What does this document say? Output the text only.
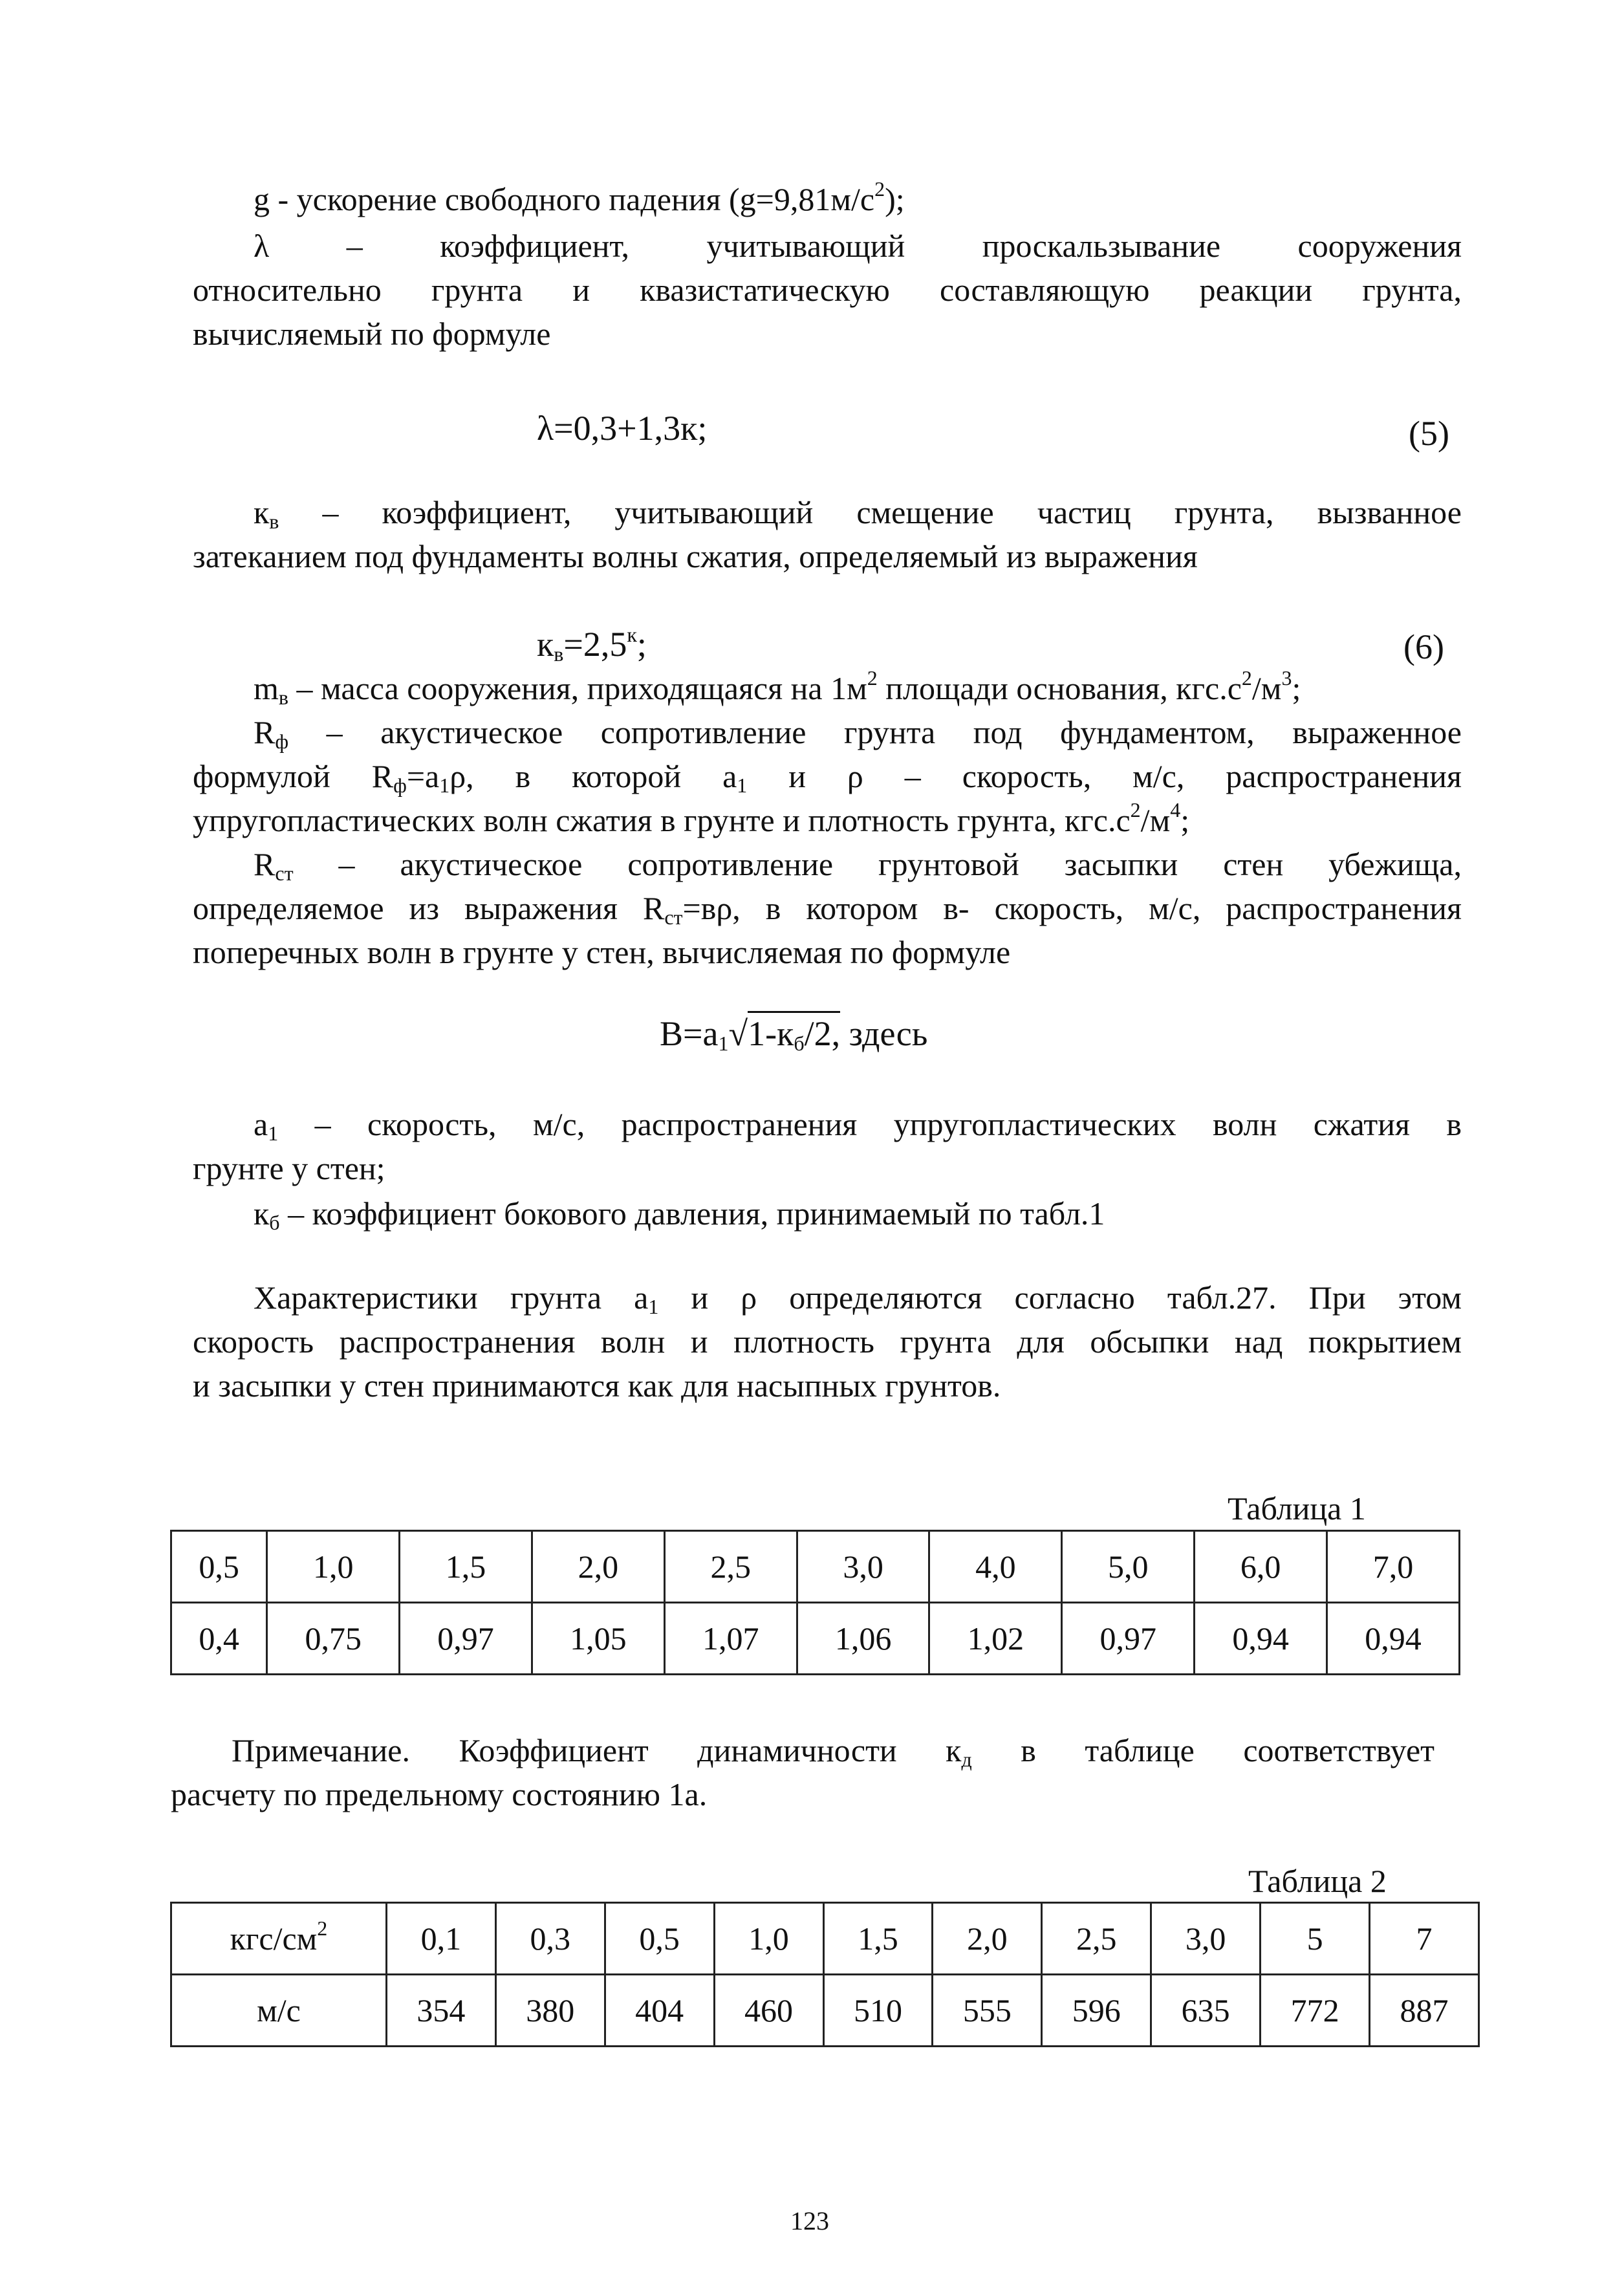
g - ускорение свободного падения $(g=9,81м/с^2)$;
λ – коэффициент, учитывающий проскальзывание сооружения
относительно грунта и квазистатическую составляющую реакции грунта,
вычисляемый по формуле
λ=0,3+1,3к;	(5)
$к_в$ – коэффициент, учитывающий смещение частиц грунта, вызванное
затеканием под фундаменты волны сжатия, определяемый из выражения
$к_в=2,5^к$;	(6)
$m_в$ – масса сооружения, приходящаяся на $1м^2$ площади основания, $кгс.с^2/м^3$;
$R_ф$ – акустическое сопротивление грунта под фундаментом, выраженное
формулой $R_ф=a_1\rho$, в которой $a_1$ и ρ – скорость, м/с, распространения
упругопластических волн сжатия в грунте и плотность грунта, $кгс.с^2/м^4$;
$R_{ст}$ – акустическое сопротивление грунтовой засыпки стен убежища,
определяемое из выражения $R_{ст}=в\rho$, в котором в- скорость, м/с, распространения
поперечных волн в грунте у стен, вычисляемая по формуле
$В=a_1√1-к_б/2$, здесь
$a_1$ – скорость, м/с, распространения упругопластических волн сжатия в
грунте у стен;
$к_б$ – коэффициент бокового давления, принимаемый по табл.1
Характеристики грунта $a_1$ и ρ определяются согласно табл.27. При этом
скорость распространения волн и плотность грунта для обсыпки над покрытием
и засыпки у стен принимаются как для насыпных грунтов.
Таблица 1
0,5	1,0	1,5	2,0	2,5	3,0	4,0	5,0	6,0	7,0
0,4	0,75	0,97	1,05	1,07	1,06	1,02	0,97	0,94	0,94
Примечание. Коэффициент динамичности $к_д$ в таблице соответствует
расчету по предельному состоянию 1а.
Таблица 2
кгс/$см^2$	0,1	0,3	0,5	1,0	1,5	2,0	2,5	3,0	5	7
м/с	354	380	404	460	510	555	596	635	772	887
123
